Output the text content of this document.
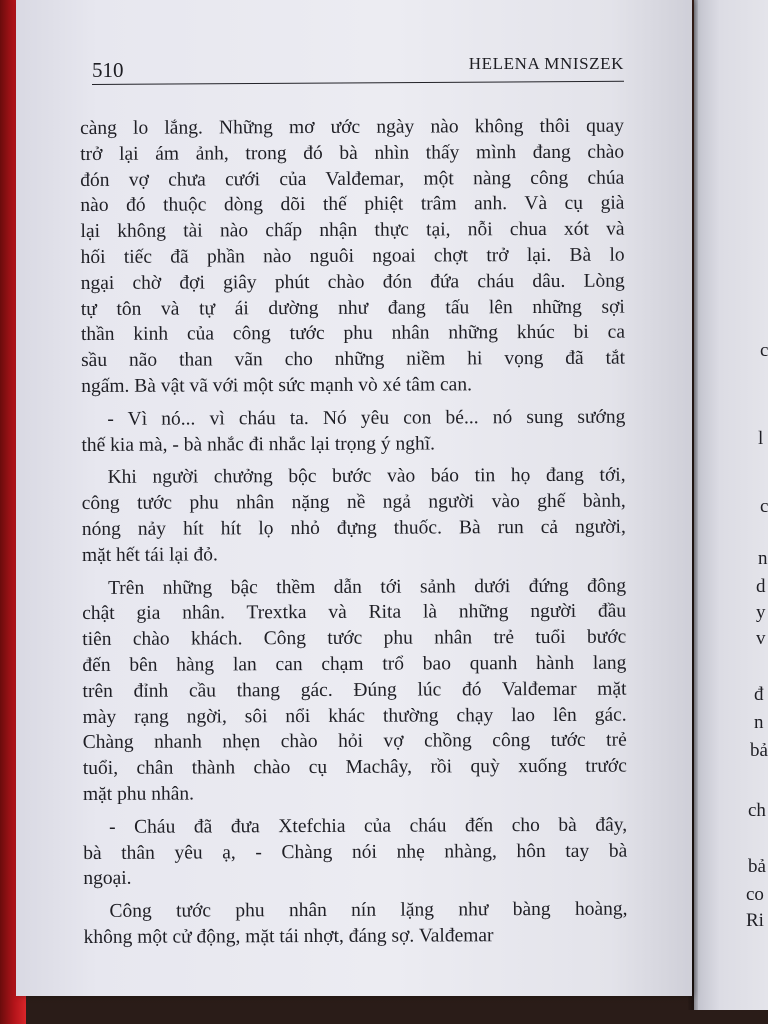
510	HELENA MNISZEK
càng lo lắng. Những mơ ước ngày nào không thôi quay
trở lại ám ảnh, trong đó bà nhìn thấy mình đang chào
đón vợ chưa cưới của Valđemar, một nàng công chúa
nào đó thuộc dòng dõi thế phiệt trâm anh. Và cụ già
lại không tài nào chấp nhận thực tại, nỗi chua xót và
hối tiếc đã phần nào nguôi ngoai chợt trở lại. Bà lo
ngại chờ đợi giây phút chào đón đứa cháu dâu. Lòng
tự tôn và tự ái dường như đang tấu lên những sợi
thần kinh của công tước phu nhân những khúc bi ca
sầu não than vãn cho những niềm hi vọng đã tắt
ngấm. Bà vật vã với một sức mạnh vò xé tâm can.
- Vì nó... vì cháu ta. Nó yêu con bé... nó sung sướng
thế kia mà, - bà nhắc đi nhắc lại trọng ý nghĩ.
Khi người chưởng bộc bước vào báo tin họ đang tới,
công tước phu nhân nặng nề ngả người vào ghế bành,
nóng nảy hít hít lọ nhỏ đựng thuốc. Bà run cả người,
mặt hết tái lại đỏ.
Trên những bậc thềm dẫn tới sảnh dưới đứng đông
chật gia nhân. Trextka và Rita là những người đầu
tiên chào khách. Công tước phu nhân trẻ tuổi bước
đến bên hàng lan can chạm trổ bao quanh hành lang
trên đỉnh cầu thang gác. Đúng lúc đó Valđemar mặt
mày rạng ngời, sôi nổi khác thường chạy lao lên gác.
Chàng nhanh nhẹn chào hỏi vợ chồng công tước trẻ
tuổi, chân thành chào cụ Machây, rồi quỳ xuống trước
mặt phu nhân.
- Cháu đã đưa Xtefchia của cháu đến cho bà đây,
bà thân yêu ạ, - Chàng nói nhẹ nhàng, hôn tay bà
ngoại.
Công tước phu nhân nín lặng như bàng hoàng,
không một cử động, mặt tái nhợt, đáng sợ. Valđemar
c
l
c
n
d
y
v
đ
n
bả
ch
bả
co
Ri
